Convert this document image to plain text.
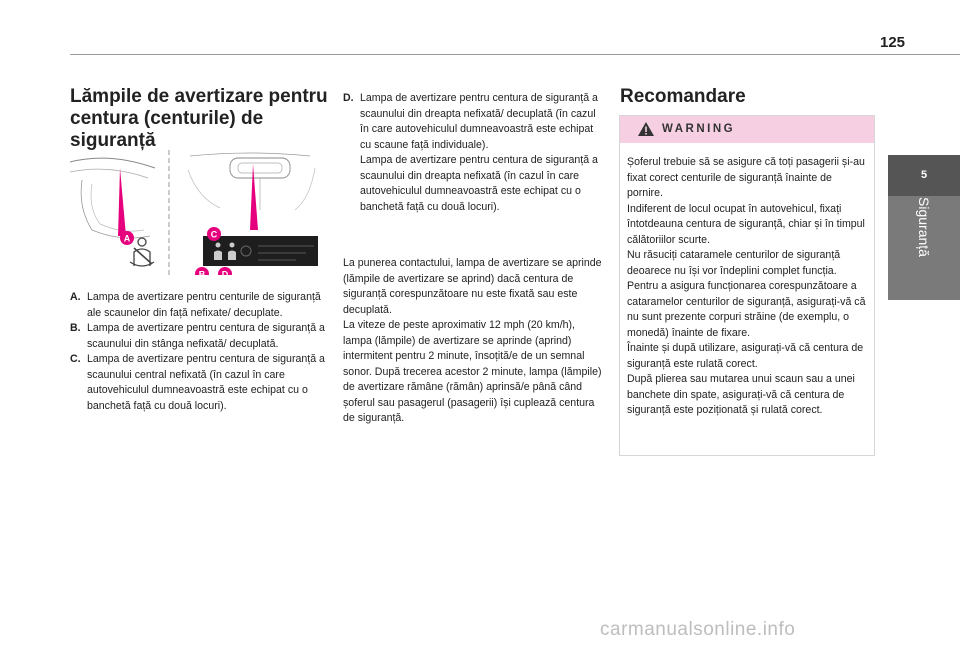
125
5
Siguranță
Lămpile de avertizare pentru centura (centurile) de siguranță
A
B
C
D
A. Lampa de avertizare pentru centurile de siguranță ale scaunelor din față nefixate/ decuplate.
B. Lampa de avertizare pentru centura de siguranță a scaunului din stânga nefixată/ decuplată.
C. Lampa de avertizare pentru centura de siguranță a scaunului central nefixată (în cazul în care autovehiculul dumneavoastră este echipat cu o banchetă față cu două locuri).
D. Lampa de avertizare pentru centura de siguranță a scaunului din dreapta nefixată/ decuplată (în cazul în care autovehiculul dumneavoastră este echipat cu scaune față individuale).
Lampa de avertizare pentru centura de siguranță a scaunului din dreapta nefixată (în cazul în care autovehiculul dumneavoastră este echipat cu o banchetă față cu două locuri).
La punerea contactului, lampa de avertizare se aprinde (lămpile de avertizare se aprind) dacă centura de siguranță corespunzătoare nu este fixată sau este decuplată.
La viteze de peste aproximativ 12 mph (20 km/h), lampa (lămpile) de avertizare se aprinde (aprind) intermitent pentru 2 minute, însoțită/e de un semnal sonor. După trecerea acestor 2 minute, lampa (lămpile) de avertizare rămâne (rămân) aprinsă/e până când șoferul sau pasagerul (pasagerii) își cuplează centura de siguranță.
Recomandare
WARNING
Șoferul trebuie să se asigure că toți pasagerii și-au fixat corect centurile de siguranță înainte de pornire.
Indiferent de locul ocupat în autovehicul, fixați întotdeauna centura de siguranță, chiar și în timpul călătoriilor scurte.
Nu răsuciți cataramele centurilor de siguranță deoarece nu își vor îndeplini complet funcția.
Pentru a asigura funcționarea corespunzătoare a cataramelor centurilor de siguranță, asigurați-vă că nu sunt prezente corpuri străine (de exemplu, o monedă) înainte de fixare.
Înainte și după utilizare, asigurați-vă că centura de siguranță este rulată corect.
După plierea sau mutarea unui scaun sau a unei banchete din spate, asigurați-vă că centura de siguranță este poziționată și rulată corect.
carmanualsonline.info
